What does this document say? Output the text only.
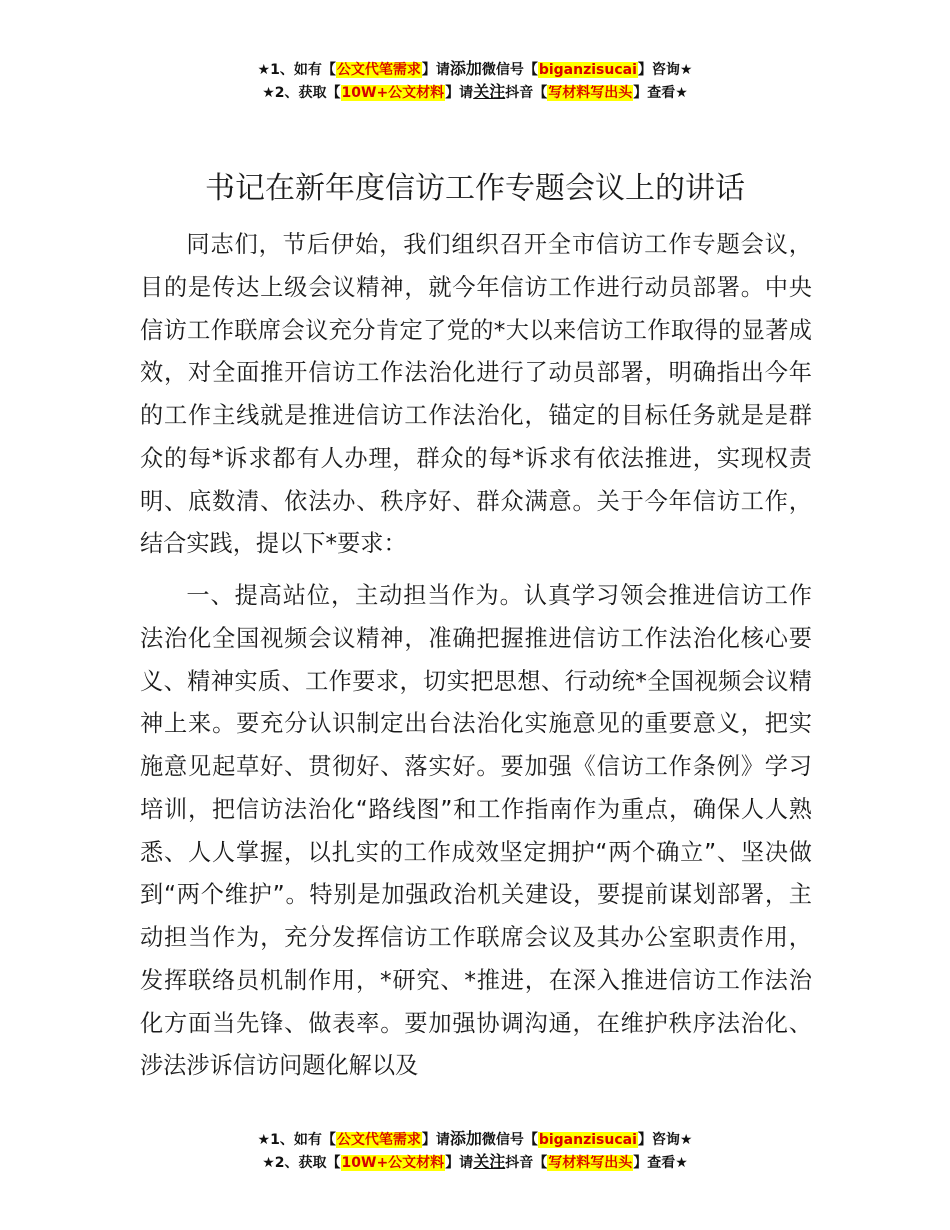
★1、如有【公文代笔需求】请添加微信号【biganzisucai】咨询★
★2、获取【10W+公文材料】请关注抖音【写材料写出头】查看★
书记在新年度信访工作专题会议上的讲话

同志们，节后伊始，我们组织召开全市信访工作专题会议，目的是传达上级会议精神，就今年信访工作进行动员部署。中央信访工作联席会议充分肯定了党的*大以来信访工作取得的显著成效，对全面推开信访工作法治化进行了动员部署，明确指出今年的工作主线就是推进信访工作法治化，锚定的目标任务就是是群众的每*诉求都有人办理，群众的每*诉求有依法推进，实现权责明、底数清、依法办、秩序好、群众满意。关于今年信访工作，结合实践，提以下*要求：

一、提高站位，主动担当作为。认真学习领会推进信访工作法治化全国视频会议精神，准确把握推进信访工作法治化核心要义、精神实质、工作要求，切实把思想、行动统*全国视频会议精神上来。要充分认识制定出台法治化实施意见的重要意义，把实施意见起草好、贯彻好、落实好。要加强《信访工作条例》学习培训，把信访法治化“路线图”和工作指南作为重点，确保人人熟悉、人人掌握，以扎实的工作成效坚定拥护“两个确立”、坚决做到“两个维护”。特别是加强政治机关建设，要提前谋划部署，主动担当作为，充分发挥信访工作联席会议及其办公室职责作用，发挥联络员机制作用，*研究、*推进，在深入推进信访工作法治化方面当先锋、做表率。要加强协调沟通，在维护秩序法治化、涉法涉诉信访问题化解以及

★1、如有【公文代笔需求】请添加微信号【biganzisucai】咨询★
★2、获取【10W+公文材料】请关注抖音【写材料写出头】查看★
